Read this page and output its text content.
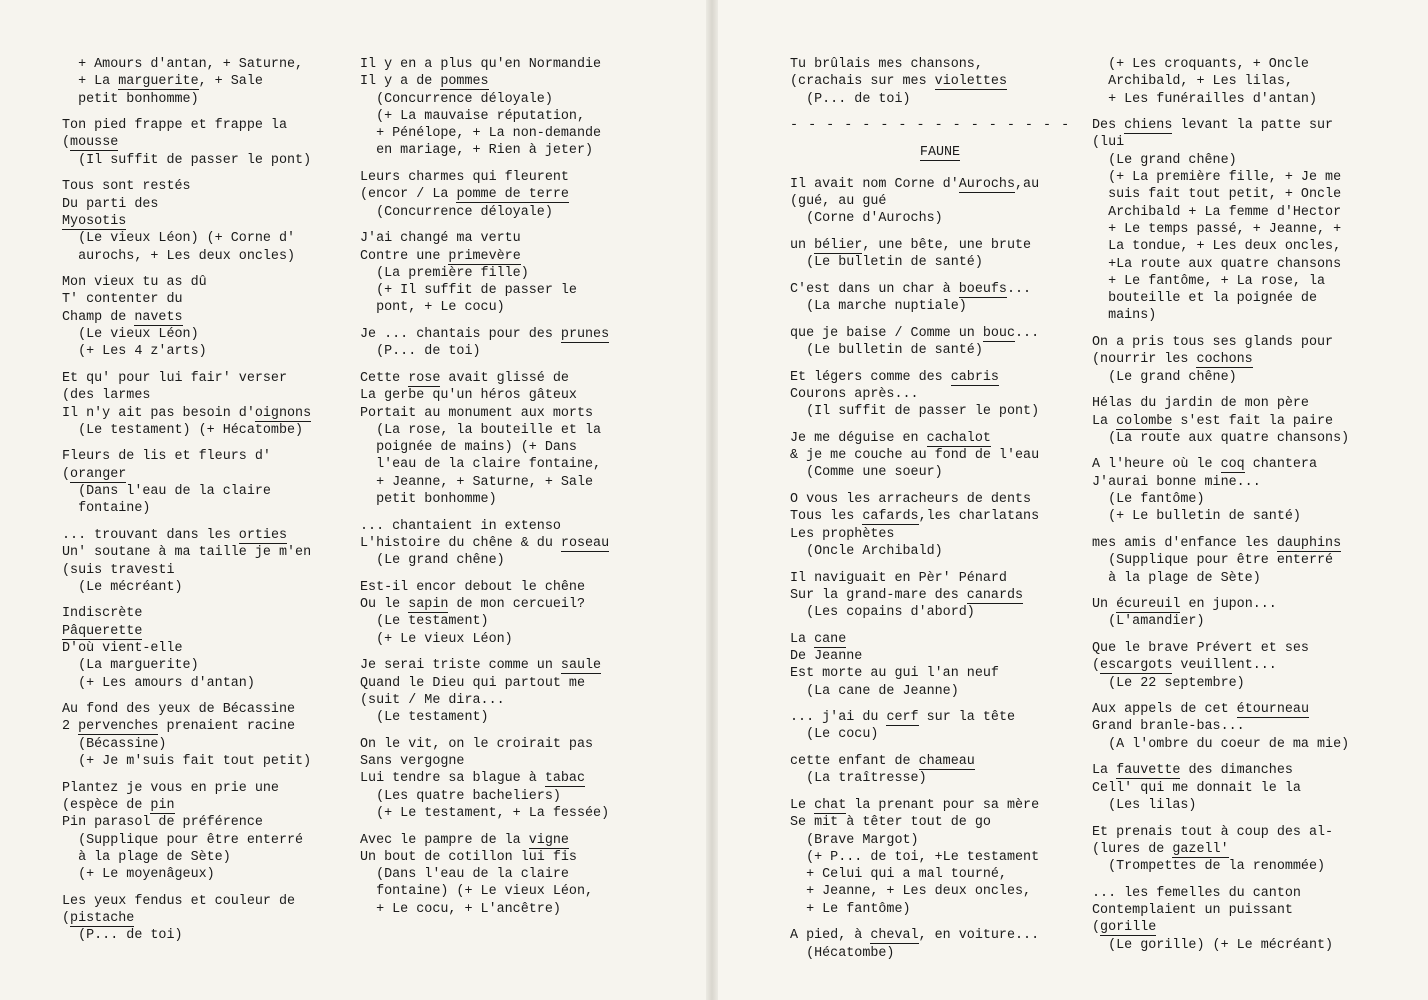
+ Amours d'antan, + Saturne,
+ La marguerite, + Sale
petit bonhomme)
Ton pied frappe et frappe la
(mousse
(Il suffit de passer le pont)
Tous sont restés
Du parti des
Myosotis
(Le vieux Léon) (+ Corne d'
aurochs, + Les deux oncles)
Mon vieux tu as dû
T' contenter du
Champ de navets
(Le vieux Léon)
(+ Les 4 z'arts)
Et qu' pour lui fair' verser
(des larmes
Il n'y ait pas besoin d'oignons
(Le testament) (+ Hécatombe)
Fleurs de lis et fleurs d'
(oranger
(Dans l'eau de la claire
fontaine)
... trouvant dans les orties
Un' soutane à ma taille je m'en
(suis travesti
(Le mécréant)
Indiscrète
Pâquerette
D'où vient-elle
(La marguerite)
(+ Les amours d'antan)
Au fond des yeux de Bécassine
2 pervenches prenaient racine
(Bécassine)
(+ Je m'suis fait tout petit)
Plantez je vous en prie une
(espèce de pin
Pin parasol de préférence
(Supplique pour être enterré
à la plage de Sète)
(+ Le moyenâgeux)
Les yeux fendus et couleur de
(pistache
(P... de toi)
Il y en a plus qu'en Normandie
Il y a de pommes
(Concurrence déloyale)
(+ La mauvaise réputation,
+ Pénélope, + La non-demande
en mariage, + Rien à jeter)
Leurs charmes qui fleurent
(encor / La pomme de terre
(Concurrence déloyale)
J'ai changé ma vertu
Contre une primevère
(La première fille)
(+ Il suffit de passer le
pont, + Le cocu)
Je ... chantais pour des prunes
(P... de toi)
Cette rose avait glissé de
La gerbe qu'un héros gâteux
Portait au monument aux morts
(La rose, la bouteille et la
poignée de mains) (+ Dans
l'eau de la claire fontaine,
+ Jeanne, + Saturne, + Sale
petit bonhomme)
... chantaient in extenso
L'histoire du chêne & du roseau
(Le grand chêne)
Est-il encor debout le chêne
Ou le sapin de mon cercueil?
(Le testament)
(+ Le vieux Léon)
Je serai triste comme un saule
Quand le Dieu qui partout me
(suit / Me dira...
(Le testament)
On le vit, on le croirait pas
Sans vergogne
Lui tendre sa blague à tabac
(Les quatre bacheliers)
(+ Le testament, + La fessée)
Avec le pampre de la vigne
Un bout de cotillon lui fis
(Dans l'eau de la claire
fontaine) (+ Le vieux Léon,
+ Le cocu, + L'ancêtre)
Tu brûlais mes chansons,
(crachais sur mes violettes
(P... de toi)
- - - - - - - - - - - - - - - -
FAUNE
Il avait nom Corne d'Aurochs,au
(gué, au gué
(Corne d'Aurochs)
un bélier, une bête, une brute
(Le bulletin de santé)
C'est dans un char à boeufs...
(La marche nuptiale)
que je baise / Comme un bouc...
(Le bulletin de santé)
Et légers comme des cabris
Courons après...
(Il suffit de passer le pont)
Je me déguise en cachalot
& je me couche au fond de l'eau
(Comme une soeur)
O vous les arracheurs de dents
Tous les cafards,les charlatans
Les prophètes
(Oncle Archibald)
Il naviguait en Pèr' Pénard
Sur la grand-mare des canards
(Les copains d'abord)
La cane
De Jeanne
Est morte au gui l'an neuf
(La cane de Jeanne)
... j'ai du cerf sur la tête
(Le cocu)
cette enfant de chameau
(La traîtresse)
Le chat la prenant pour sa mère
Se mit à têter tout de go
(Brave Margot)
(+ P... de toi, +Le testament
+ Celui qui a mal tourné,
+ Jeanne, + Les deux oncles,
+ Le fantôme)
A pied, à cheval, en voiture...
(Hécatombe)
(+ Les croquants, + Oncle
Archibald, + Les lilas,
+ Les funérailles d'antan)
Des chiens levant la patte sur
(lui
(Le grand chêne)
(+ La première fille, + Je me
suis fait tout petit, + Oncle
Archibald + La femme d'Hector
+ Le temps passé, + Jeanne, +
La tondue, + Les deux oncles,
+La route aux quatre chansons
+ Le fantôme, + La rose, la
bouteille et la poignée de
mains)
On a pris tous ses glands pour
(nourrir les cochons
(Le grand chêne)
Hélas du jardin de mon père
La colombe s'est fait la paire
(La route aux quatre chansons)
A l'heure où le coq chantera
J'aurai bonne mine...
(Le fantôme)
(+ Le bulletin de santé)
mes amis d'enfance les dauphins
(Supplique pour être enterré
à la plage de Sète)
Un écureuil en jupon...
(L'amandier)
Que le brave Prévert et ses
(escargots veuillent...
(Le 22 septembre)
Aux appels de cet étourneau
Grand branle-bas...
(A l'ombre du coeur de ma mie)
La fauvette des dimanches
Cell' qui me donnait le la
(Les lilas)
Et prenais tout à coup des al-
(lures de gazell'
(Trompettes de la renommée)
... les femelles du canton
Contemplaient un puissant
(gorille
(Le gorille) (+ Le mécréant)
